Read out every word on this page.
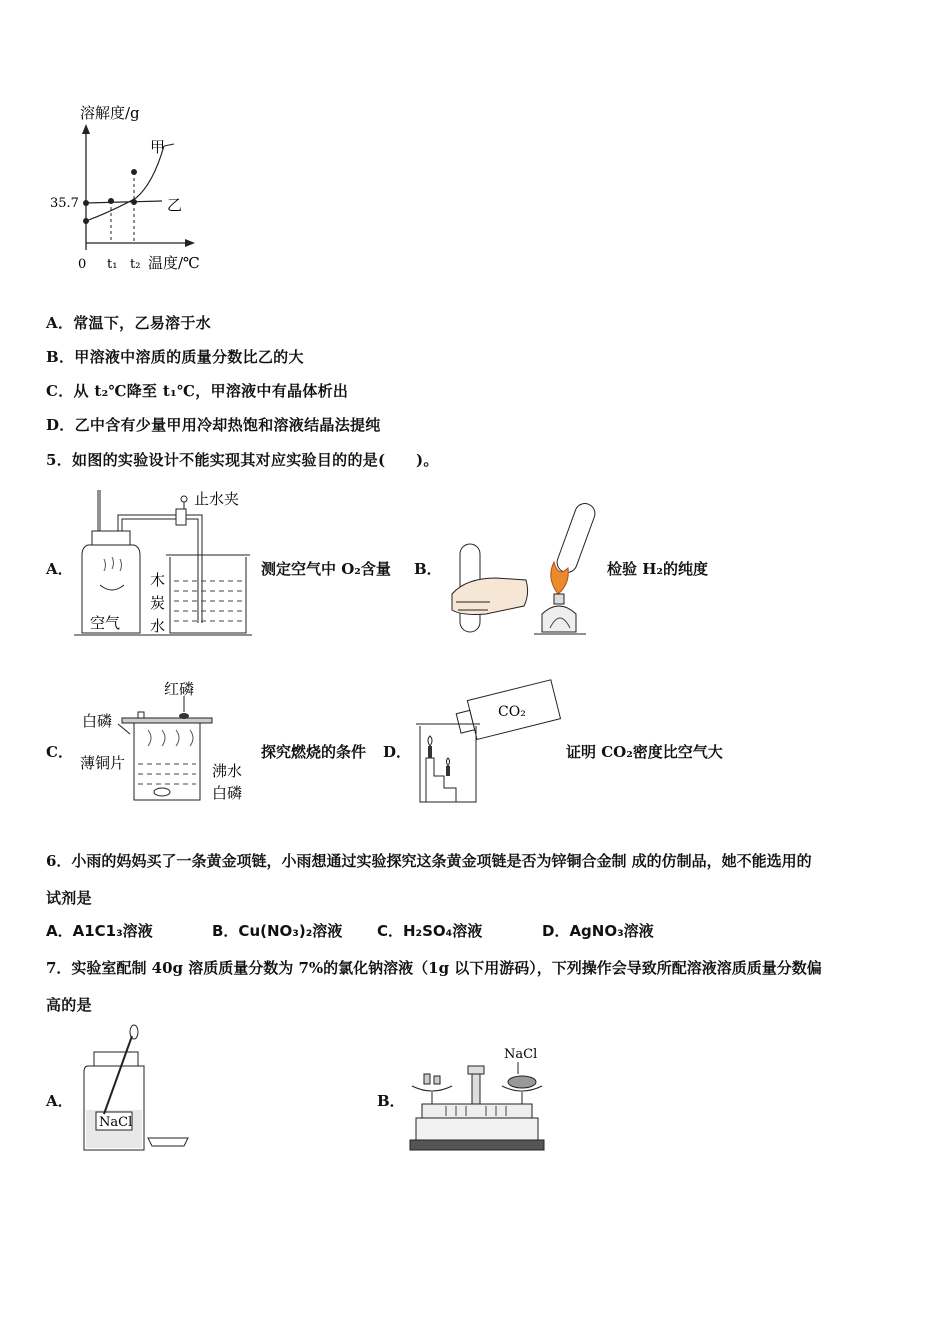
溶解度/g
35.7
0 t₁ t₂ 温度/℃
甲
乙
A．常温下，乙易溶于水
B．甲溶液中溶质的质量分数比乙的大
C．从 t₂℃降至 t₁℃，甲溶液中有晶体析出
D．乙中含有少量甲用冷却热饱和溶液结晶法提纯
5．如图的实验设计不能实现其对应实验目的的是(　　)。
A．
止水夹
木
炭
水
空气
测定空气中 O₂含量 B．	检验 H₂的纯度
C．
红磷
白磷
薄铜片	沸水
白磷
探究燃烧的条件 D．
CO₂
证明 CO₂密度比空气大
6．小雨的妈妈买了一条黄金项链，小雨想通过实验探究这条黄金项链是否为锌铜合金制 成的仿制品，她不能选用的
试剂是
A．A1C1₃溶液	B．Cu(NO₃)₂溶液 C．H₂SO₄溶液	D．AgNO₃溶液
7．实验室配制 40g 溶质质量分数为 7%的氯化钠溶液（1g 以下用游码），下列操作会导致所配溶液溶质质量分数偏
高的是
A．
NaCl
B．
NaCl
